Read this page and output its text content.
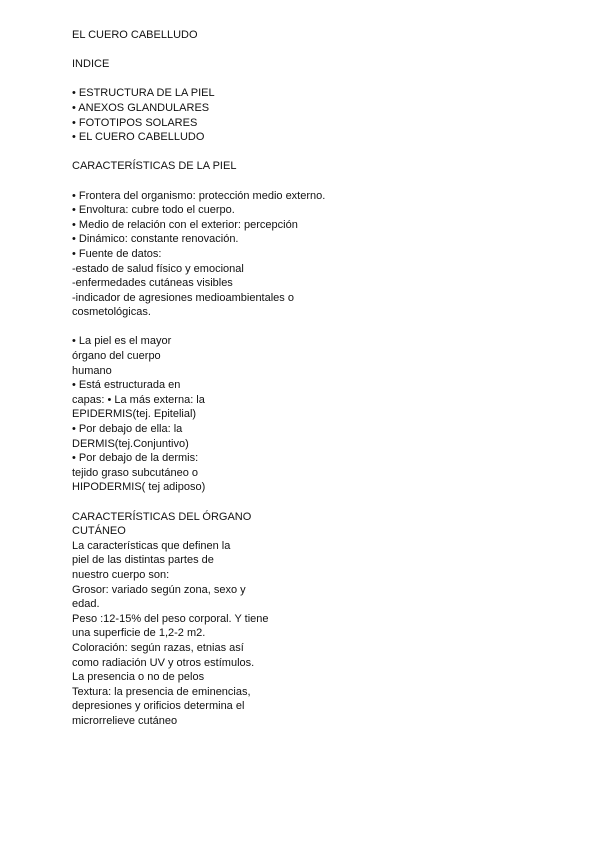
EL CUERO CABELLUDO

INDICE

• ESTRUCTURA DE LA PIEL

• ANEXOS GLANDULARES

• FOTOTIPOS SOLARES

• EL CUERO CABELLUDO

CARACTERÍSTICAS DE LA PIEL

• Frontera del organismo: protección medio externo.

• Envoltura: cubre todo el cuerpo.

• Medio de relación con el exterior: percepción

• Dinámico: constante renovación.

• Fuente de datos:

-estado de salud físico y emocional

-enfermedades cutáneas visibles

-indicador de agresiones medioambientales o

cosmetológicas.

• La piel es el mayor

órgano del cuerpo

humano

• Está estructurada en

capas: • La más externa: la

EPIDERMIS(tej. Epitelial)

• Por debajo de ella: la

DERMIS(tej.Conjuntivo)

• Por debajo de la dermis:

tejido graso subcutáneo o

HIPODERMIS( tej adiposo)

CARACTERÍSTICAS DEL ÓRGANO

CUTÁNEO

La características que definen la

piel de las distintas partes de

nuestro cuerpo son:

Grosor: variado según zona, sexo y

edad.

Peso :12-15% del peso corporal. Y tiene

una superficie de 1,2-2 m2.

Coloración: según razas, etnias así

como radiación UV y otros estímulos.

La presencia o no de pelos

Textura: la presencia de eminencias,

depresiones y orificios determina el

microrrelieve cutáneo
